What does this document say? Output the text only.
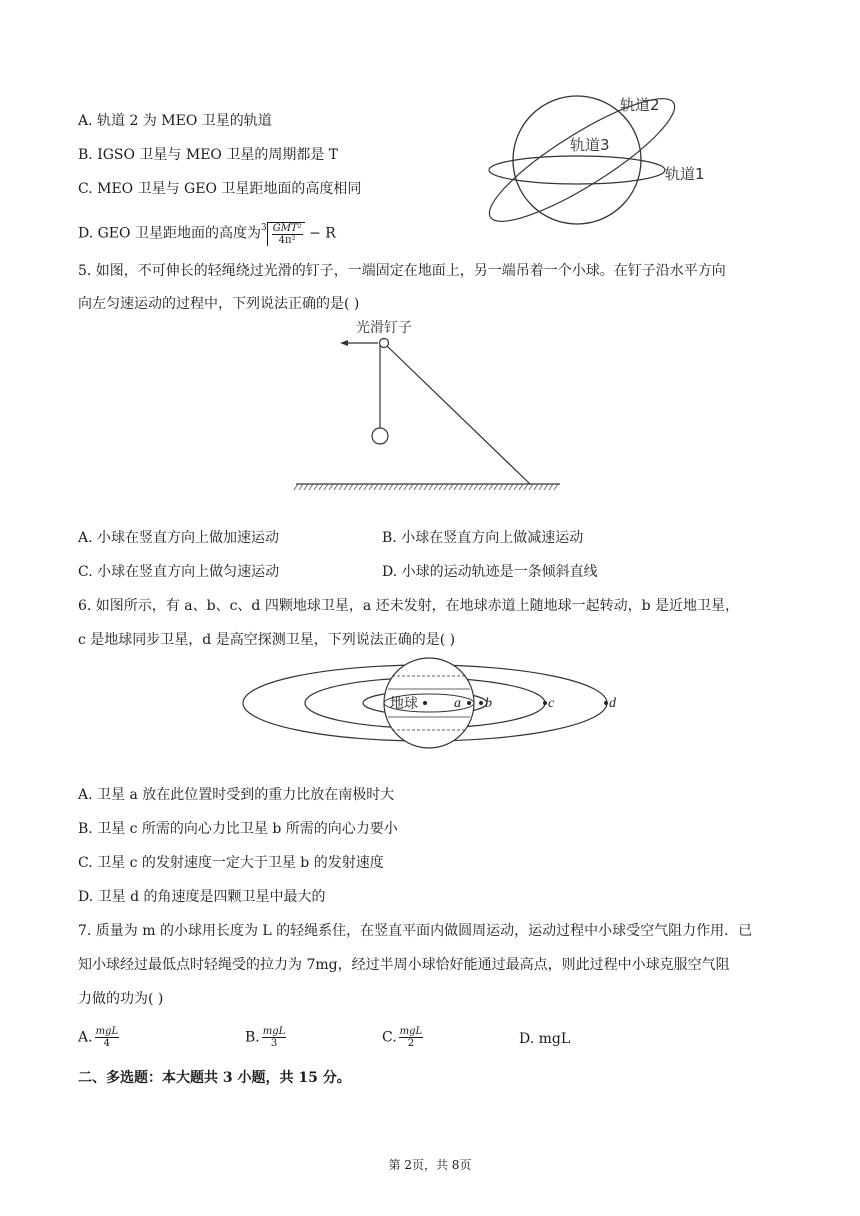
A. 轨道 2 为 MEO 卫星的轨道
B. IGSO 卫星与 MEO 卫星的周期都是 T
C. MEO 卫星与 GEO 卫星距地面的高度相同
D. GEO 卫星距地面的高度为$^3 \frac{\text{GMT²}}{\text{4π²}} - R$
轨道2
轨道3
轨道1
5. 如图，不可伸长的轻绳绕过光滑的钉子，一端固定在地面上，另一端吊着一个小球。在钉子沿水平方向
向左匀速运动的过程中，下列说法正确的是( )
光滑钉子
A. 小球在竖直方向上做加速运动	B. 小球在竖直方向上做减速运动
C. 小球在竖直方向上做匀速运动	D. 小球的运动轨迹是一条倾斜直线
6. 如图所示，有 a、b、c、d 四颗地球卫星，a 还未发射，在地球赤道上随地球一起转动，b 是近地卫星，
c 是地球同步卫星，d 是高空探测卫星，下列说法正确的是( )
地球	a b	c	d
A. 卫星 a 放在此位置时受到的重力比放在南极时大
B. 卫星 c 所需的向心力比卫星 b 所需的向心力要小
C. 卫星 c 的发射速度一定大于卫星 b 的发射速度
D. 卫星 d 的角速度是四颗卫星中最大的
7. 质量为 m 的小球用长度为 L 的轻绳系住，在竖直平面内做圆周运动，运动过程中小球受空气阻力作用．已
知小球经过最低点时轻绳受的拉力为 7mg，经过半周小球恰好能通过最高点，则此过程中小球克服空气阻
力做的功为( )
A. $\frac{\text{mgL}}{4}$	B. $\frac{\text{mgL}}{3}$	C. $\frac{\text{mgL}}{2}$	D. mgL
二、多选题：本大题共 3 小题，共 15 分。
第 2页，共 8页
